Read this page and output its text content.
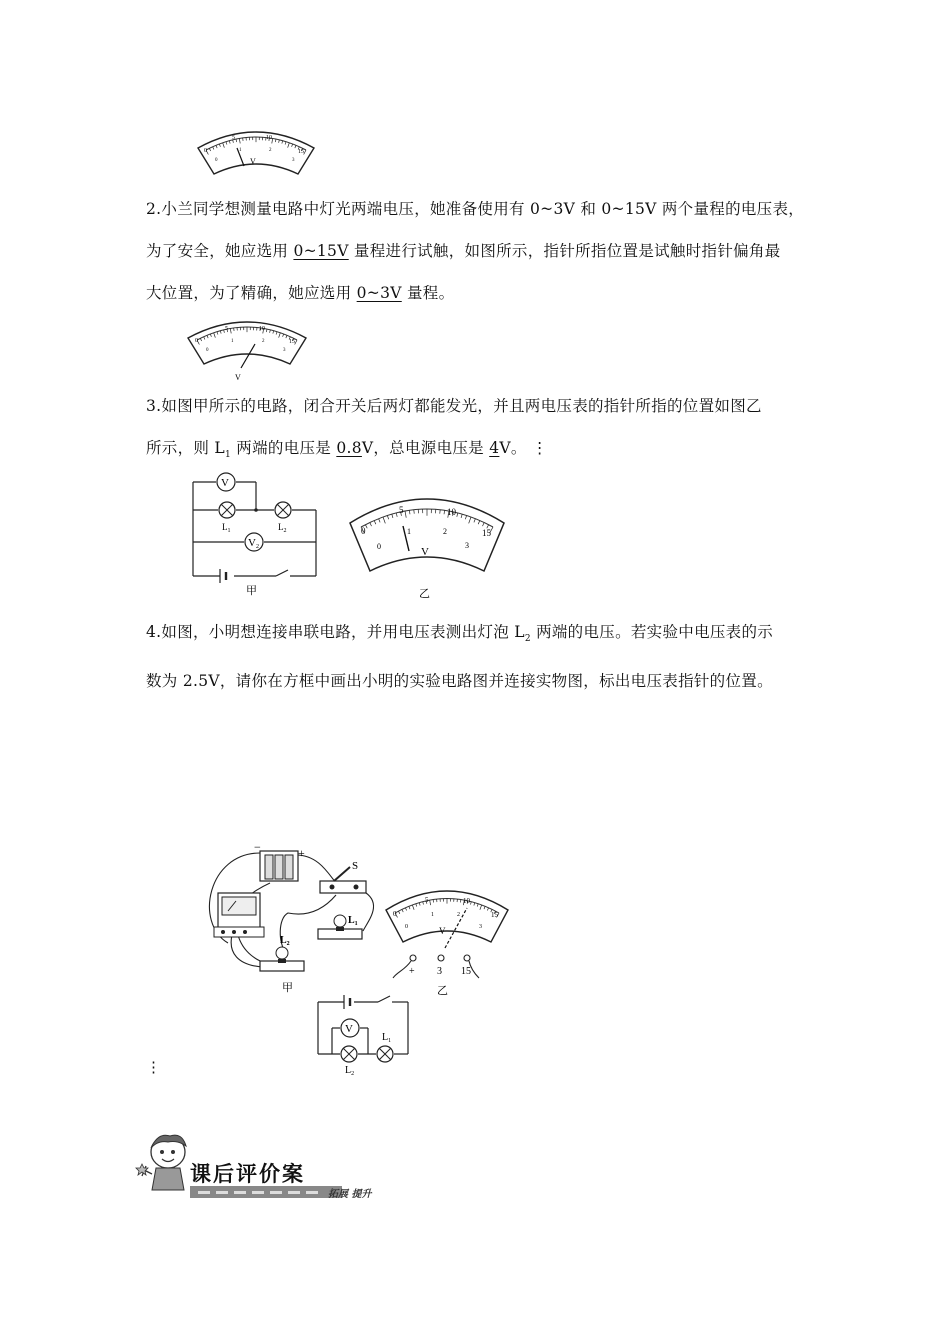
0
5	10
15
0
1	2
3
V
2.小兰同学想测量电路中灯光两端电压，她准备使用有 0~3V 和 0~15V 两个量程的电压表，
为了安全，她应选用 0~15V 量程进行试触，如图所示，指针所指位置是试触时指针偏角最
大位置，为了精确，她应选用 0~3V 量程。
0
5	10
15
0
1	2
3
V
3.如图甲所示的电路，闭合开关后两灯都能发光，并且两电压表的指针所指的位置如图乙
所示，则 $L_1$ 两端的电压是 0.8V，总电源电压是 4V。 ⋮
V
$L_1$	$L_2$
V2
甲
0
5	10
15
0
1	2
3
V
乙
4.如图，小明想连接串联电路，并用电压表测出灯泡 $L_2$ 两端的电压。若实验中电压表的示
数为 2.5V，请你在方框中画出小明的实验电路图并连接实物图，标出电压表指针的位置。
−	+
S
$L_1$
$L_2$
甲
0
5	10
15
0
1	2
3
V
+ 3 15
乙
V
$L_1$
$L_2$
⋮
课后评价案
拓展 提升
